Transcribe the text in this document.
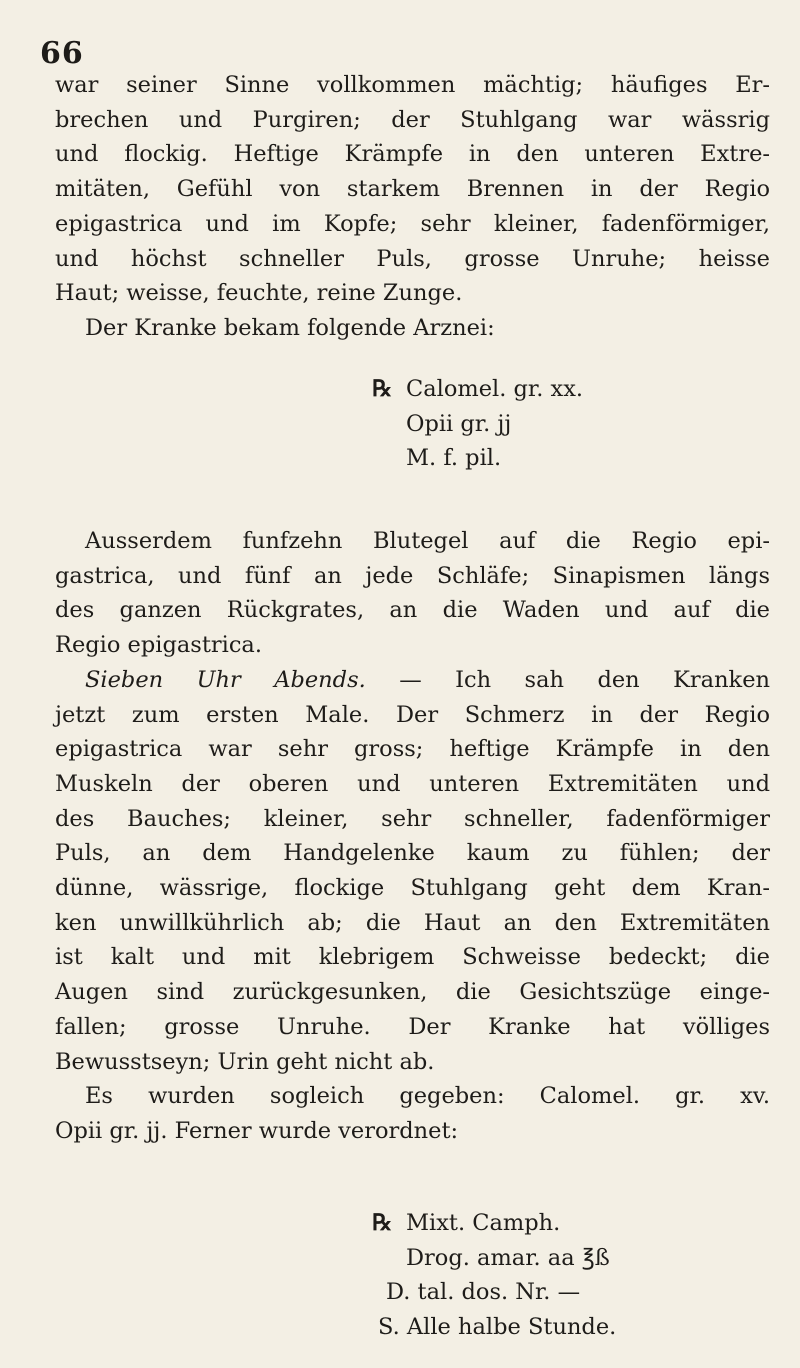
66
war seiner Sinne vollkommen mächtig; häufiges Er-
brechen und Purgiren; der Stuhlgang war wässrig
und flockig. Heftige Krämpfe in den unteren Extre-
mitäten, Gefühl von starkem Brennen in der Regio
epigastrica und im Kopfe; sehr kleiner, fadenförmiger,
und höchst schneller Puls, grosse Unruhe; heisse
Haut; weisse, feuchte, reine Zunge.
Der Kranke bekam folgende Arznei:
℞ Calomel. gr. xx.
Opii gr. jj
M. f. pil.
Ausserdem funfzehn Blutegel auf die Regio epi-
gastrica, und fünf an jede Schläfe; Sinapismen längs
des ganzen Rückgrates, an die Waden und auf die
Regio epigastrica.
Sieben Uhr Abends. — Ich sah den Kranken
jetzt zum ersten Male. Der Schmerz in der Regio
epigastrica war sehr gross; heftige Krämpfe in den
Muskeln der oberen und unteren Extremitäten und
des Bauches; kleiner, sehr schneller, fadenförmiger
Puls, an dem Handgelenke kaum zu fühlen; der
dünne, wässrige, flockige Stuhlgang geht dem Kran-
ken unwillkührlich ab; die Haut an den Extremitäten
ist kalt und mit klebrigem Schweisse bedeckt; die
Augen sind zurückgesunken, die Gesichtszüge einge-
fallen; grosse Unruhe. Der Kranke hat völliges
Bewusstseyn; Urin geht nicht ab.
Es wurden sogleich gegeben: Calomel. gr. xv.
Opii gr. jj. Ferner wurde verordnet:
℞ Mixt. Camph.
Drog. amar. aa ℥ß
D. tal. dos. Nr. —
S. Alle halbe Stunde.
